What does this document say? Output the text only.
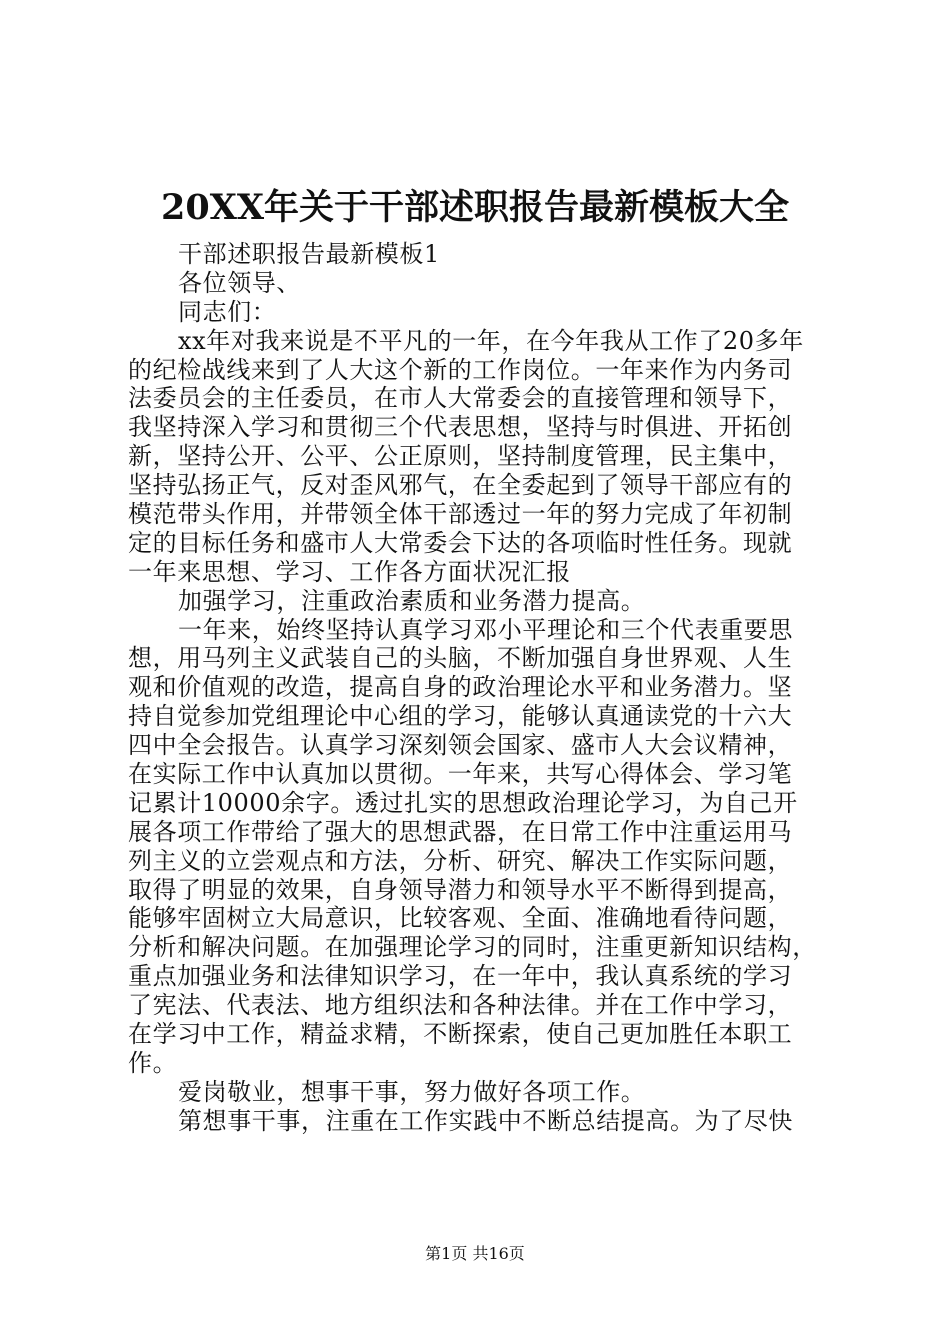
20XX年关于干部述职报告最新模板大全
干部述职报告最新模板1
各位领导、
同志们：
xx年对我来说是不平凡的一年，在今年我从工作了20多年
的纪检战线来到了人大这个新的工作岗位。一年来作为内务司
法委员会的主任委员，在市人大常委会的直接管理和领导下，
我坚持深入学习和贯彻三个代表思想，坚持与时俱进、开拓创
新，坚持公开、公平、公正原则，坚持制度管理，民主集中，
坚持弘扬正气，反对歪风邪气，在全委起到了领导干部应有的
模范带头作用，并带领全体干部透过一年的努力完成了年初制
定的目标任务和盛市人大常委会下达的各项临时性任务。现就
一年来思想、学习、工作各方面状况汇报
加强学习，注重政治素质和业务潜力提高。
一年来，始终坚持认真学习邓小平理论和三个代表重要思
想，用马列主义武装自己的头脑，不断加强自身世界观、人生
观和价值观的改造，提高自身的政治理论水平和业务潜力。坚
持自觉参加党组理论中心组的学习，能够认真通读党的十六大
四中全会报告。认真学习深刻领会国家、盛市人大会议精神，
在实际工作中认真加以贯彻。一年来，共写心得体会、学习笔
记累计10000余字。透过扎实的思想政治理论学习，为自己开
展各项工作带给了强大的思想武器，在日常工作中注重运用马
列主义的立尝观点和方法，分析、研究、解决工作实际问题，
取得了明显的效果，自身领导潜力和领导水平不断得到提高，
能够牢固树立大局意识，比较客观、全面、准确地看待问题，
分析和解决问题。在加强理论学习的同时，注重更新知识结构，
重点加强业务和法律知识学习，在一年中，我认真系统的学习
了宪法、代表法、地方组织法和各种法律。并在工作中学习，
在学习中工作，精益求精，不断探索，使自己更加胜任本职工
作。
爱岗敬业，想事干事，努力做好各项工作。
第想事干事，注重在工作实践中不断总结提高。为了尽快
第1页 共16页
